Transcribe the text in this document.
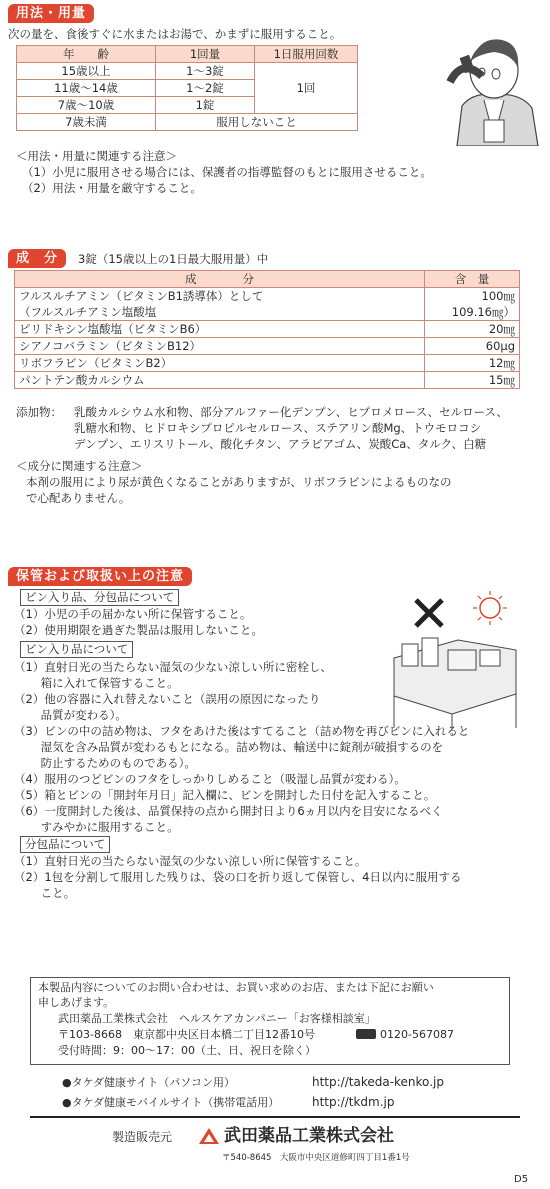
用法・用量
次の量を、食後すぐに水またはお湯で、かまずに服用すること。
年　　齢	1回量	1日服用回数
15歳以上	1〜3錠	1回
11歳〜14歳	1〜2錠	
7歳〜10歳	1錠	
7歳未満	服用しないこと	
＜用法・用量に関連する注意＞
（1）小児に服用させる場合には、保護者の指導監督のもとに服用させること。
（2）用法・用量を厳守すること。
成　分	3錠（15歳以上の1日最大服用量）中
成　　　　分	含　量
フルスルチアミン（ビタミンB1誘導体）として	100㎎
（フルスルチアミン塩酸塩	109.16㎎）
ピリドキシン塩酸塩（ビタミンB6）	20㎎
シアノコバラミン（ビタミンB12）	60μg
リボフラビン（ビタミンB2）	12㎎
パントテン酸カルシウム	15㎎
添加物： 乳酸カルシウム水和物、部分アルファー化デンプン、ヒプロメロース、セルロース、
乳糖水和物、ヒドロキシプロピルセルロース、ステアリン酸Mg、トウモロコシ
デンプン、エリスリトール、酸化チタン、アラビアゴム、炭酸Ca、タルク、白糖
＜成分に関連する注意＞
本剤の服用により尿が黄色くなることがありますが、リボフラビンによるものなの
で心配ありません。
保管および取扱い上の注意
ビン入り品、分包品について
（1）小児の手の届かない所に保管すること。
（2）使用期限を過ぎた製品は服用しないこと。
ビン入り品について
（1）直射日光の当たらない湿気の少ない涼しい所に密栓し、
　　 箱に入れて保管すること。
（2）他の容器に入れ替えないこと（誤用の原因になったり
　　 品質が変わる）。
（3）ビンの中の詰め物は、フタをあけた後はすてること（詰め物を再びビンに入れると
　　 湿気を含み品質が変わるもとになる。詰め物は、輸送中に錠剤が破損するのを
　　 防止するためのものである）。
（4）服用のつどビンのフタをしっかりしめること（吸湿し品質が変わる）。
（5）箱とビンの「開封年月日」記入欄に、ビンを開封した日付を記入すること。
（6）一度開封した後は、品質保持の点から開封日より6ヵ月以内を目安になるべく
　　 すみやかに服用すること。
分包品について
（1）直射日光の当たらない湿気の少ない涼しい所に保管すること。
（2）1包を分割して服用した残りは、袋の口を折り返して保管し、4日以内に服用する
　　 こと。
本製品内容についてのお問い合わせは、お買い求めのお店、または下記にお願い
申しあげます。
武田薬品工業株式会社　ヘルスケアカンパニー「お客様相談室」
〒103-8668　東京都中央区日本橋二丁目12番10号	0120-567087
受付時間：9：00〜17：00（土、日、祝日を除く）
●タケダ健康サイト（パソコン用）	http://takeda-kenko.jp
●タケダ健康モバイルサイト（携帯電話用）	http://tkdm.jp
製造販売元	武田薬品工業株式会社
〒540-8645　大阪市中央区道修町四丁目1番1号
D5
